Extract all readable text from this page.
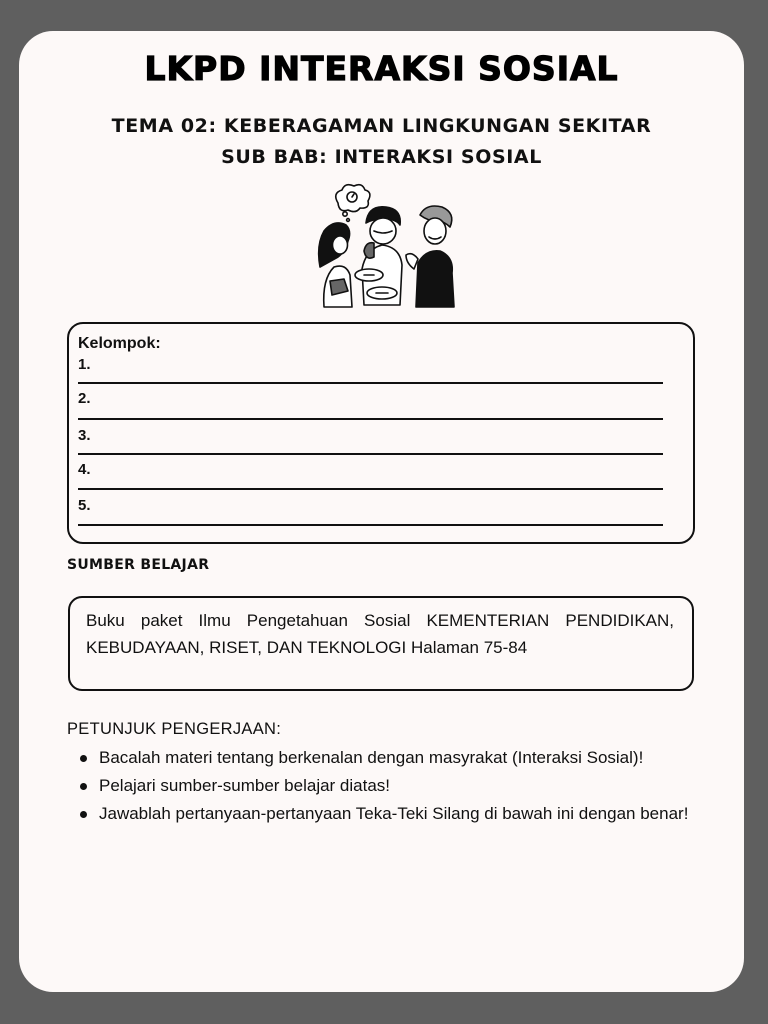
LKPD INTERAKSI SOSIAL
TEMA 02: KEBERAGAMAN LINGKUNGAN SEKITAR
SUB BAB: INTERAKSI SOSIAL
Kelompok:
1.
2.
3.
4.
5.
SUMBER BELAJAR
Buku paket Ilmu Pengetahuan Sosial KEMENTERIAN PENDIDIKAN, KEBUDAYAAN, RISET, DAN TEKNOLOGI Halaman 75-84
PETUNJUK PENGERJAAN:
Bacalah materi tentang berkenalan dengan masyrakat (Interaksi Sosial)!
Pelajari sumber-sumber belajar diatas!
Jawablah pertanyaan-pertanyaan Teka-Teki Silang di bawah ini dengan benar!
